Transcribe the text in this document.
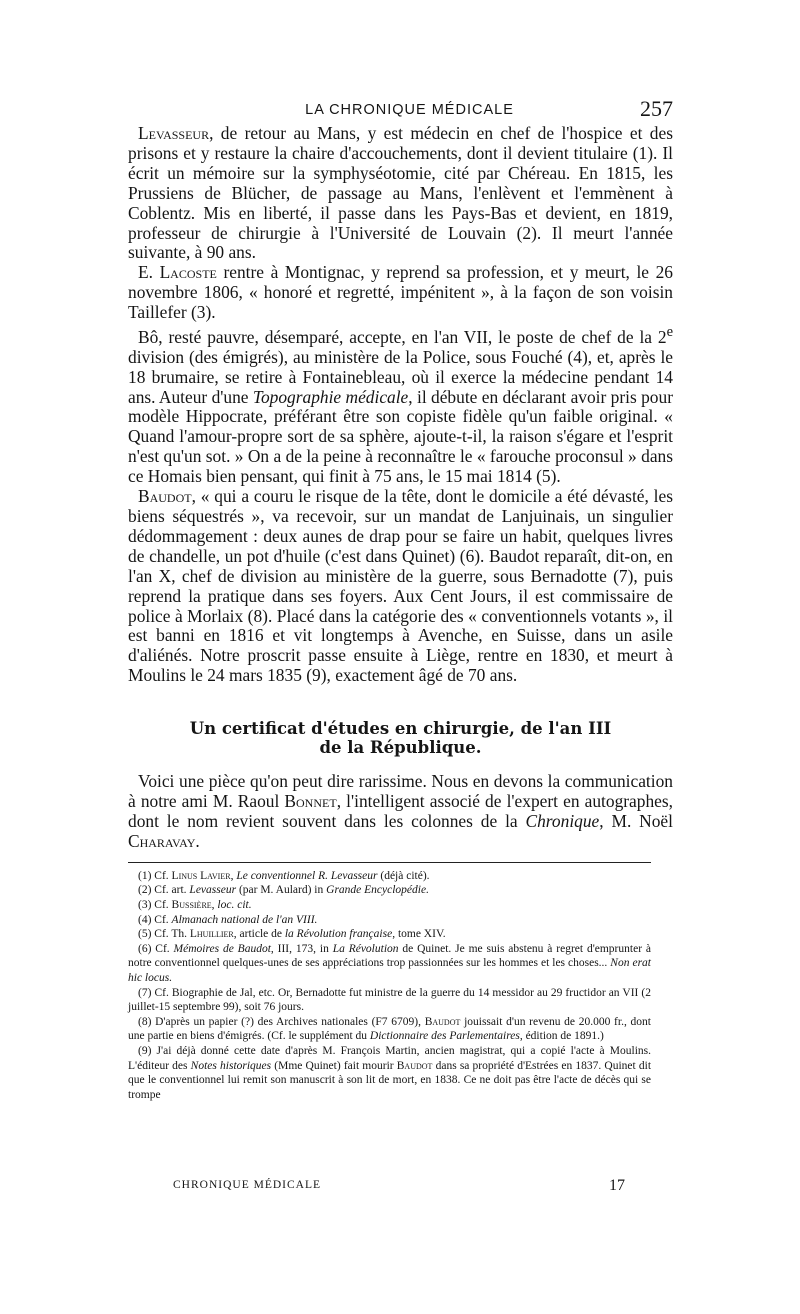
LA CHRONIQUE MÉDICALE	257

Levasseur, de retour au Mans, y est médecin en chef de l'hospice et des prisons et y restaure la chaire d'accouchements, dont il devient titulaire (1). Il écrit un mémoire sur la symphyséotomie, cité par Chéreau. En 1815, les Prussiens de Blücher, de passage au Mans, l'enlèvent et l'emmènent à Coblentz. Mis en liberté, il passe dans les Pays-Bas et devient, en 1819, professeur de chirurgie à l'Université de Louvain (2). Il meurt l'année suivante, à 90 ans.

E. Lacoste rentre à Montignac, y reprend sa profession, et y meurt, le 26 novembre 1806, « honoré et regretté, impénitent », à la façon de son voisin Taillefer (3).

Bô, resté pauvre, désemparé, accepte, en l'an VII, le poste de chef de la 2e division (des émigrés), au ministère de la Police, sous Fouché (4), et, après le 18 brumaire, se retire à Fontainebleau, où il exerce la médecine pendant 14 ans. Auteur d'une Topographie médicale, il débute en déclarant avoir pris pour modèle Hippocrate, préférant être son copiste fidèle qu'un faible original. « Quand l'amour-propre sort de sa sphère, ajoute-t-il, la raison s'égare et l'esprit n'est qu'un sot. » On a de la peine à reconnaître le « farouche proconsul » dans ce Homais bien pensant, qui finit à 75 ans, le 15 mai 1814 (5).

Baudot, « qui a couru le risque de la tête, dont le domicile a été dévasté, les biens séquestrés », va recevoir, sur un mandat de Lanjuinais, un singulier dédommagement : deux aunes de drap pour se faire un habit, quelques livres de chandelle, un pot d'huile (c'est dans Quinet) (6). Baudot reparaît, dit-on, en l'an X, chef de division au ministère de la guerre, sous Bernadotte (7), puis reprend la pratique dans ses foyers. Aux Cent Jours, il est commissaire de police à Morlaix (8). Placé dans la catégorie des « conventionnels votants », il est banni en 1816 et vit longtemps à Avenche, en Suisse, dans un asile d'aliénés. Notre proscrit passe ensuite à Liège, rentre en 1830, et meurt à Moulins le 24 mars 1835 (9), exactement âgé de 70 ans.

Un certificat d'études en chirurgie, de l'an III
de la République.

Voici une pièce qu'on peut dire rarissime. Nous en devons la communication à notre ami M. Raoul Bonnet, l'intelligent associé de l'expert en autographes, dont le nom revient souvent dans les colonnes de la Chronique, M. Noël Charavay.

(1) Cf. Linus Lavier, Le conventionnel R. Levasseur (déjà cité).

(2) Cf. art. Levasseur (par M. Aulard) in Grande Encyclopédie.

(3) Cf. Bussière, loc. cit.

(4) Cf. Almanach national de l'an VIII.

(5) Cf. Th. Lhuillier, article de la Révolution française, tome XIV.

(6) Cf. Mémoires de Baudot, III, 173, in La Révolution de Quinet. Je me suis abstenu à regret d'emprunter à notre conventionnel quelques-unes de ses appréciations trop passionnées sur les hommes et les choses... Non erat hic locus.

(7) Cf. Biographie de Jal, etc. Or, Bernadotte fut ministre de la guerre du 14 messidor au 29 fructidor an VII (2 juillet-15 septembre 99), soit 76 jours.

(8) D'après un papier (?) des Archives nationales (F7 6709), Baudot jouissait d'un revenu de 20.000 fr., dont une partie en biens d'émigrés. (Cf. le supplément du Dictionnaire des Parlementaires, édition de 1891.)

(9) J'ai déjà donné cette date d'après M. François Martin, ancien magistrat, qui a copié l'acte à Moulins. L'éditeur des Notes historiques (Mme Quinet) fait mourir Baudot dans sa propriété d'Estrées en 1837. Quinet dit que le conventionnel lui remit son manuscrit à son lit de mort, en 1838. Ce ne doit pas être l'acte de décès qui se trompe

CHRONIQUE MÉDICALE	17
